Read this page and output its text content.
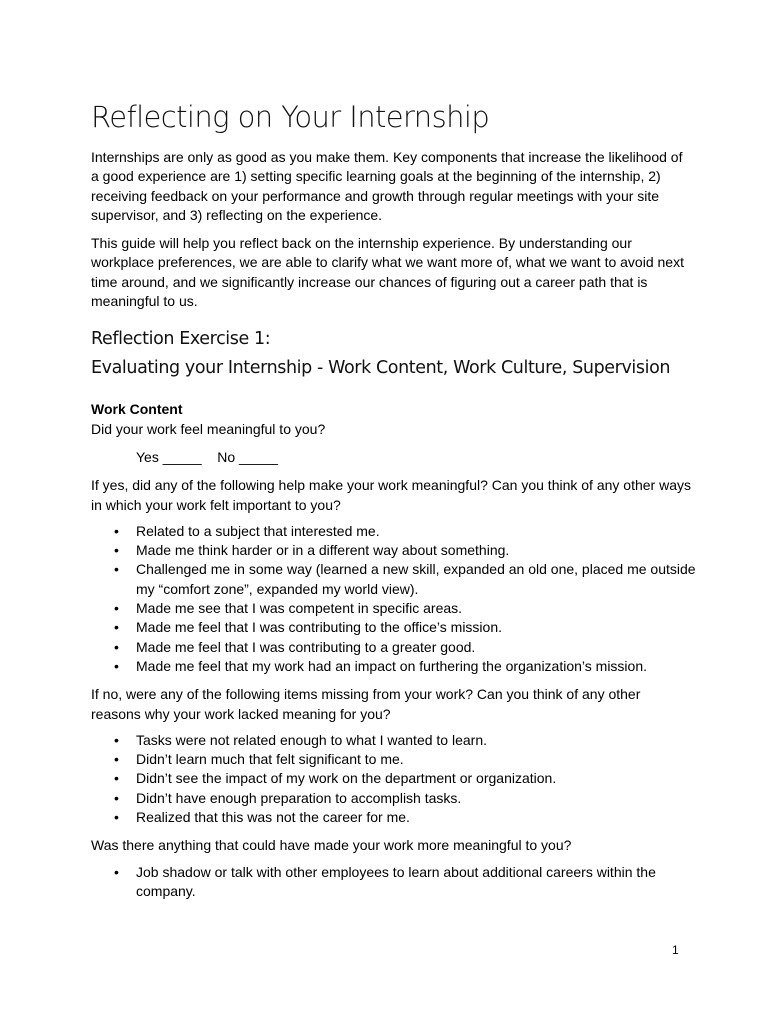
Reflecting on Your Internship

Internships are only as good as you make them. Key components that increase the likelihood of a good experience are 1) setting specific learning goals at the beginning of the internship, 2) receiving feedback on your performance and growth through regular meetings with your site supervisor, and 3) reflecting on the experience.

This guide will help you reflect back on the internship experience. By understanding our workplace preferences, we are able to clarify what we want more of, what we want to avoid next time around, and we significantly increase our chances of figuring out a career path that is meaningful to us.

Reflection Exercise 1:
Evaluating your Internship - Work Content, Work Culture, Supervision

Work Content

Did your work feel meaningful to you?

Yes _____    No _____

If yes, did any of the following help make your work meaningful? Can you think of any other ways in which your work felt important to you?

• Related to a subject that interested me.
• Made me think harder or in a different way about something.
• Challenged me in some way (learned a new skill, expanded an old one, placed me outside my “comfort zone”, expanded my world view).
• Made me see that I was competent in specific areas.
• Made me feel that I was contributing to the office’s mission.
• Made me feel that I was contributing to a greater good.
• Made me feel that my work had an impact on furthering the organization’s mission.

If no, were any of the following items missing from your work? Can you think of any other reasons why your work lacked meaning for you?

• Tasks were not related enough to what I wanted to learn.
• Didn’t learn much that felt significant to me.
• Didn’t see the impact of my work on the department or organization.
• Didn’t have enough preparation to accomplish tasks.
• Realized that this was not the career for me.

Was there anything that could have made your work more meaningful to you?

• Job shadow or talk with other employees to learn about additional careers within the company.
1
